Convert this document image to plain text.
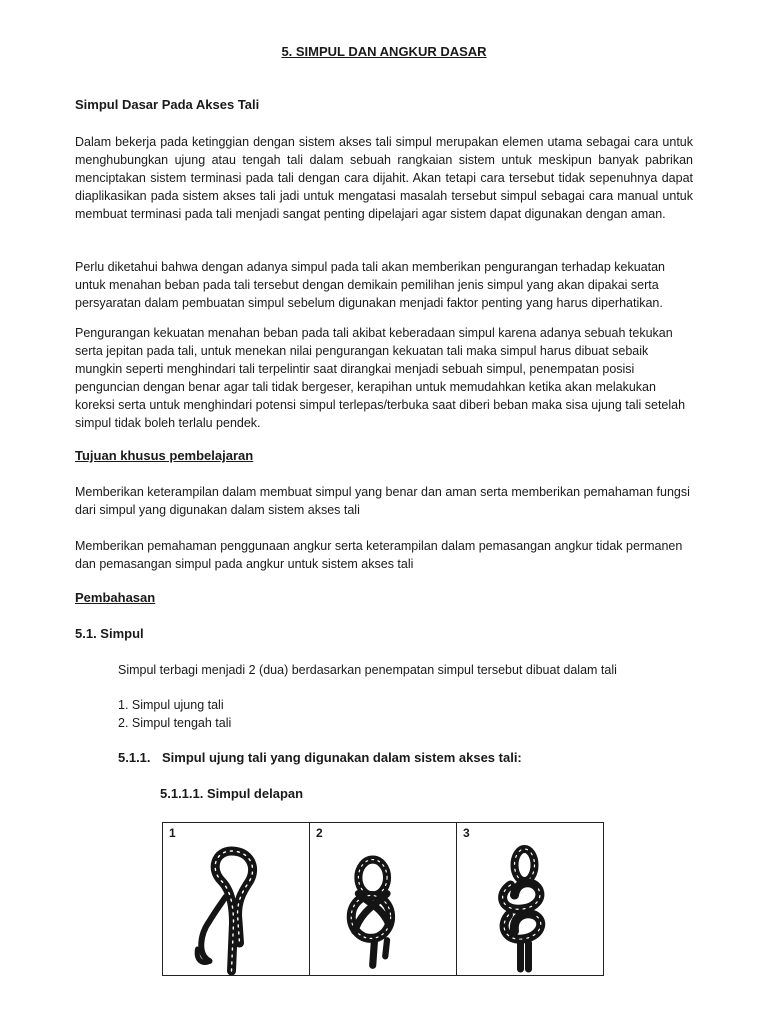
5. SIMPUL DAN ANGKUR DASAR

Simpul Dasar Pada Akses Tali

Dalam bekerja pada ketinggian dengan sistem akses tali simpul merupakan elemen utama sebagai cara untuk menghubungkan ujung atau tengah tali dalam sebuah rangkaian sistem untuk meskipun banyak pabrikan menciptakan sistem terminasi pada tali dengan cara dijahit. Akan tetapi cara tersebut tidak sepenuhnya dapat diaplikasikan pada sistem akses tali jadi untuk mengatasi masalah tersebut simpul sebagai cara manual untuk membuat terminasi pada tali menjadi sangat penting dipelajari agar sistem dapat digunakan dengan aman.

Perlu diketahui bahwa dengan adanya simpul pada tali akan memberikan pengurangan terhadap kekuatan untuk menahan beban pada tali tersebut dengan demikain pemilihan jenis simpul yang akan dipakai serta persyaratan dalam pembuatan simpul sebelum digunakan menjadi faktor penting yang harus diperhatikan.

Pengurangan kekuatan menahan beban pada tali akibat keberadaan simpul karena adanya sebuah tekukan serta jepitan pada tali, untuk menekan nilai pengurangan kekuatan tali maka simpul harus dibuat sebaik mungkin seperti menghindari tali terpelintir saat dirangkai menjadi sebuah simpul, penempatan posisi penguncian dengan benar agar tali tidak bergeser, kerapihan untuk memudahkan ketika akan melakukan koreksi serta untuk menghindari potensi simpul terlepas/terbuka saat diberi beban maka sisa ujung tali setelah simpul tidak boleh terlalu pendek.

Tujuan khusus pembelajaran

Memberikan keterampilan dalam membuat simpul yang benar dan aman serta memberikan pemahaman fungsi dari simpul yang digunakan dalam sistem akses tali

Memberikan pemahaman penggunaan angkur serta keterampilan dalam pemasangan angkur tidak permanen dan pemasangan simpul pada angkur untuk sistem akses tali

Pembahasan

5.1. Simpul

Simpul terbagi menjadi 2 (dua) berdasarkan penempatan simpul tersebut dibuat dalam tali

1. Simpul ujung tali
2. Simpul tengah tali

5.1.1. Simpul ujung tali yang digunakan dalam sistem akses tali:

5.1.1.1. Simpul delapan

1	2	3
